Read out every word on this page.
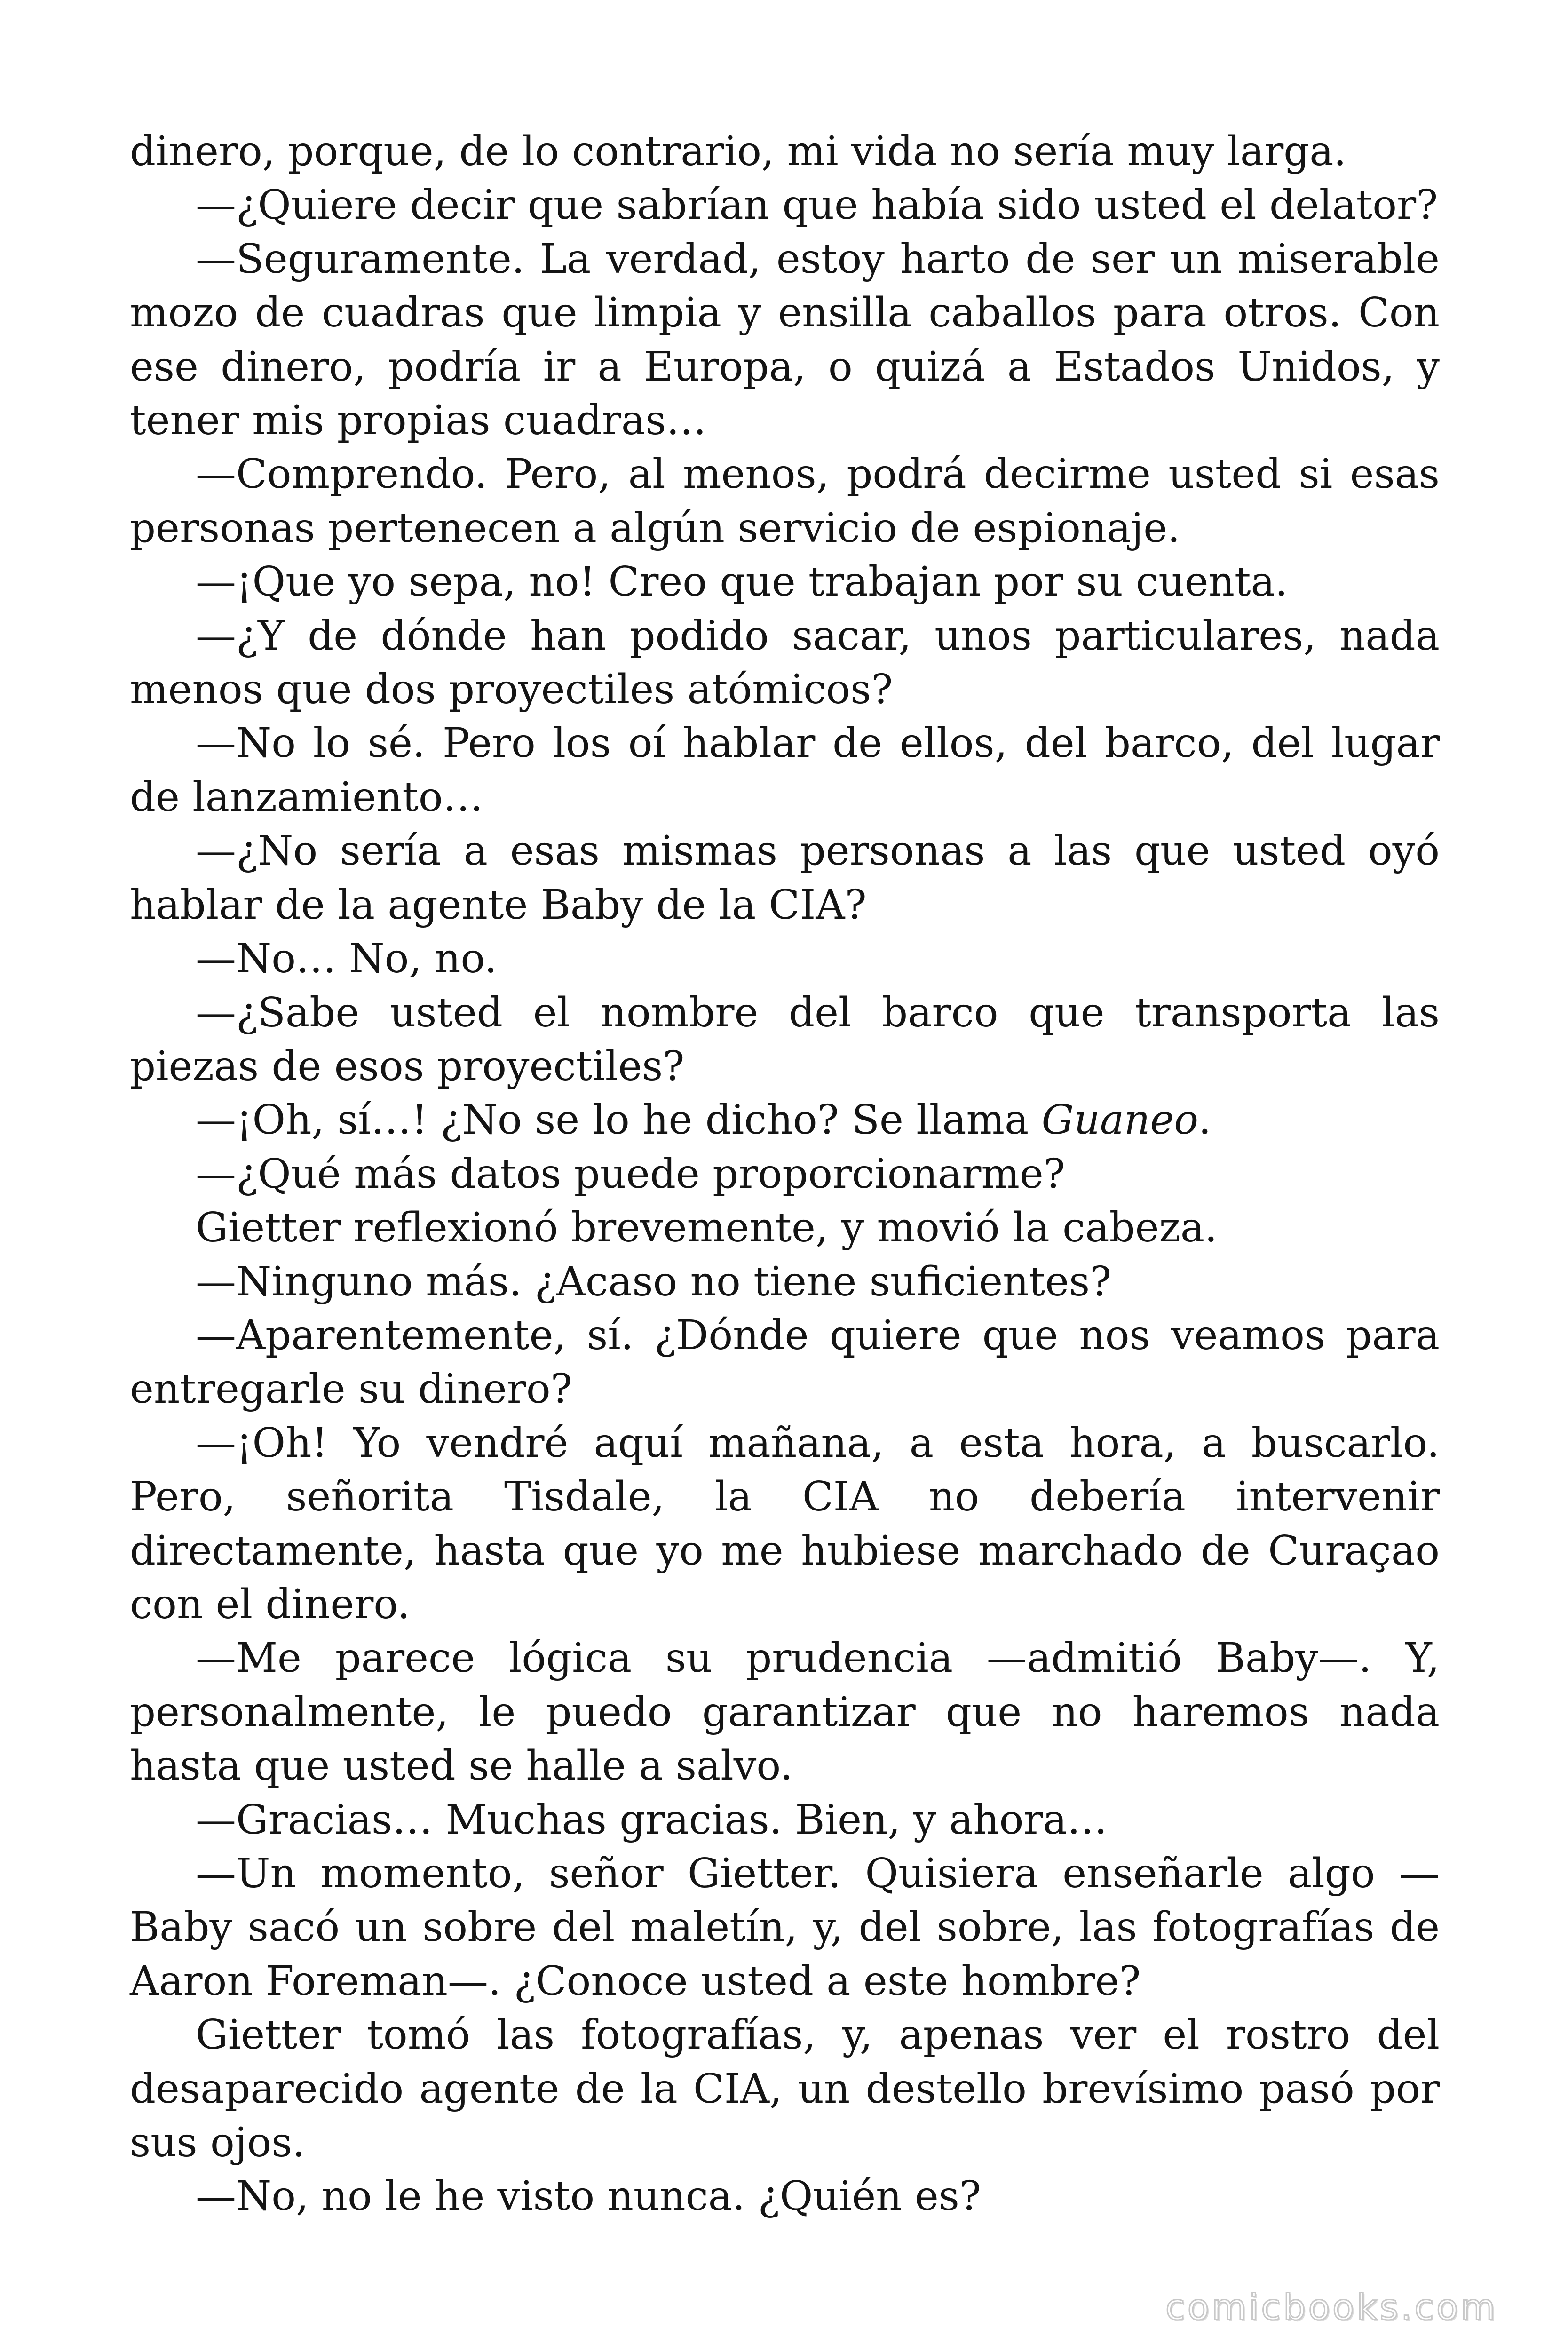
dinero, porque, de lo contrario, mi vida no sería muy larga.

—¿Quiere decir que sabrían que había sido usted el delator?

—Seguramente. La verdad, estoy harto de ser un miserable mozo de cuadras que limpia y ensilla caballos para otros. Con ese dinero, podría ir a Europa, o quizá a Estados Unidos, y tener mis propias cuadras…

—Comprendo. Pero, al menos, podrá decirme usted si esas personas pertenecen a algún servicio de espionaje.

—¡Que yo sepa, no! Creo que trabajan por su cuenta.

—¿Y de dónde han podido sacar, unos particulares, nada menos que dos proyectiles atómicos?

—No lo sé. Pero los oí hablar de ellos, del barco, del lugar de lanzamiento…

—¿No sería a esas mismas personas a las que usted oyó hablar de la agente Baby de la CIA?

—No… No, no.

—¿Sabe usted el nombre del barco que transporta las piezas de esos proyectiles?

—¡Oh, sí…! ¿No se lo he dicho? Se llama Guaneo.

—¿Qué más datos puede proporcionarme?

Gietter reflexionó brevemente, y movió la cabeza.

—Ninguno más. ¿Acaso no tiene suficientes?

—Aparentemente, sí. ¿Dónde quiere que nos veamos para entregarle su dinero?

—¡Oh! Yo vendré aquí mañana, a esta hora, a buscarlo. Pero, señorita Tisdale, la CIA no debería intervenir directamente, hasta que yo me hubiese marchado de Curaçao con el dinero.

—Me parece lógica su prudencia —admitió Baby—. Y, personalmente, le puedo garantizar que no haremos nada hasta que usted se halle a salvo.

—Gracias… Muchas gracias. Bien, y ahora…

—Un momento, señor Gietter. Quisiera enseñarle algo —Baby sacó un sobre del maletín, y, del sobre, las fotografías de Aaron Foreman—. ¿Conoce usted a este hombre?

Gietter tomó las fotografías, y, apenas ver el rostro del desaparecido agente de la CIA, un destello brevísimo pasó por sus ojos.

—No, no le he visto nunca. ¿Quién es?

comicbooks.com
